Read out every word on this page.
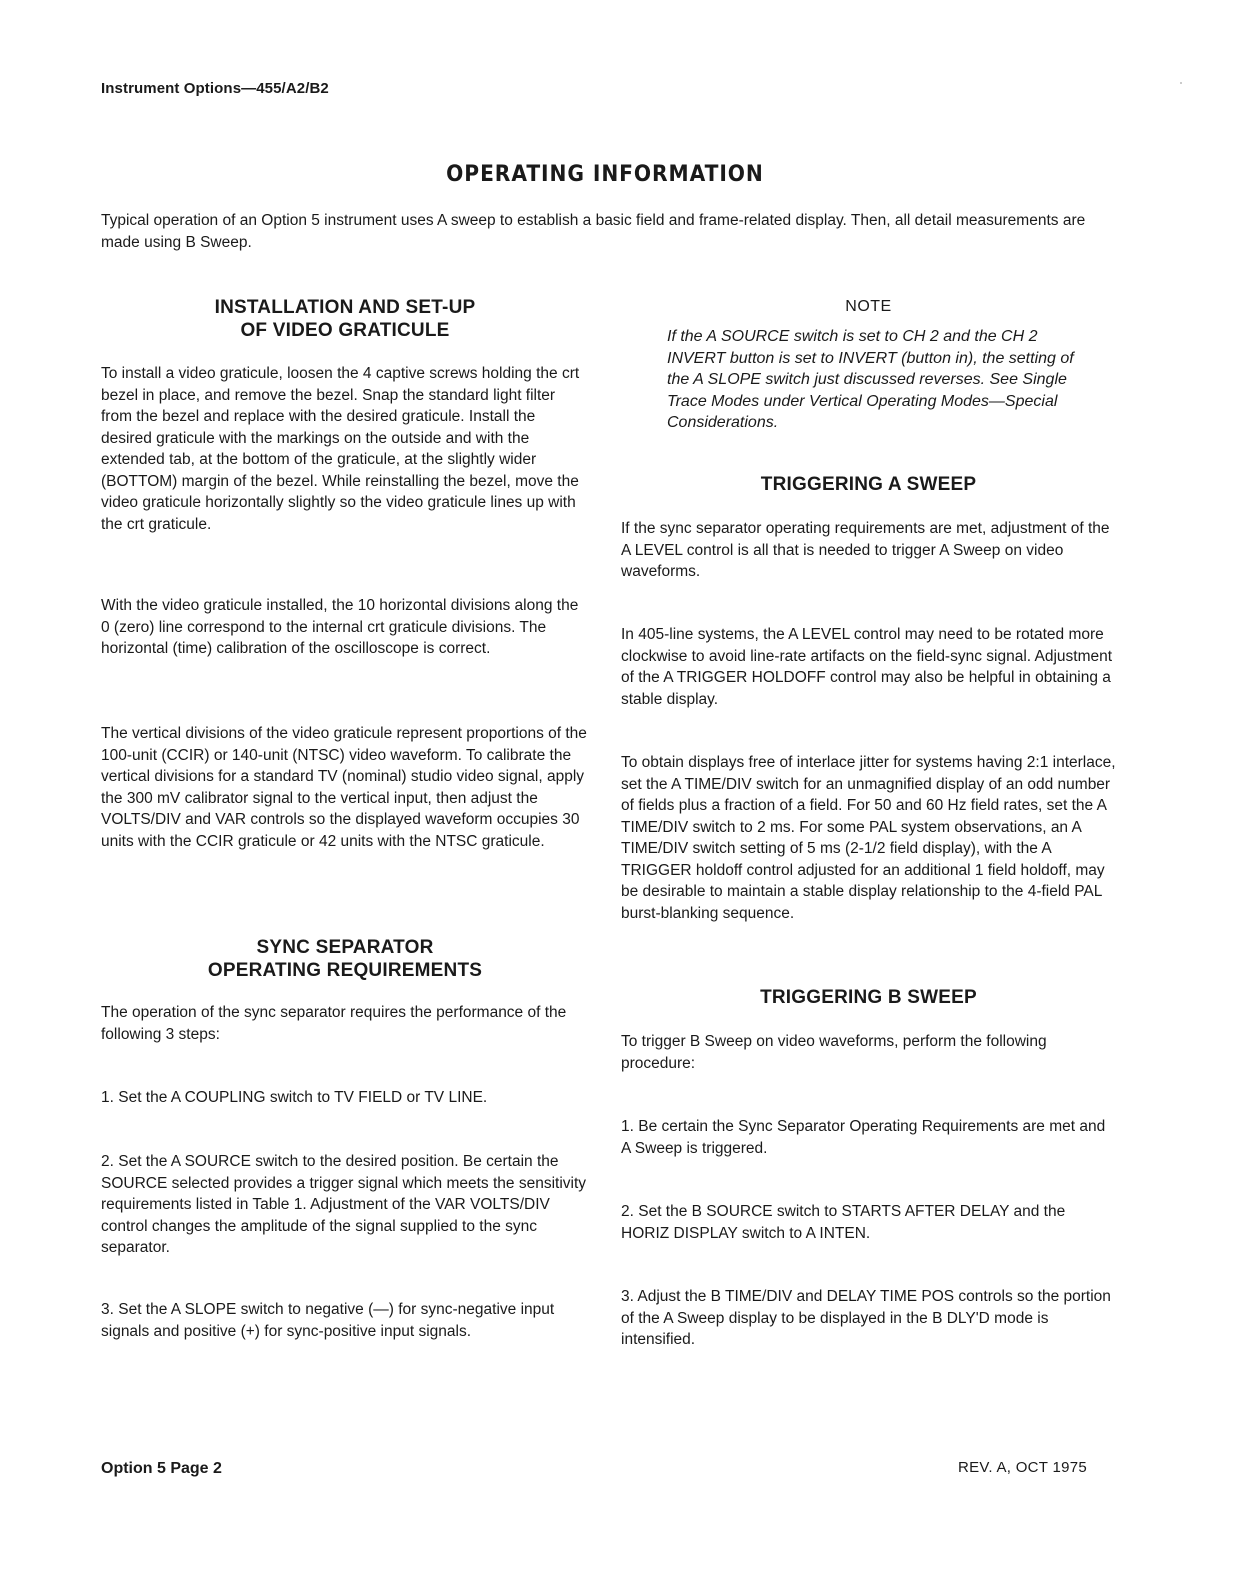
Instrument Options—455/A2/B2
OPERATING INFORMATION

Typical operation of an Option 5 instrument uses A sweep to establish a basic field and frame-related display. Then, all detail measurements are made using B Sweep.

INSTALLATION AND SET-UP
OF VIDEO GRATICULE

To install a video graticule, loosen the 4 captive screws holding the crt bezel in place, and remove the bezel. Snap the standard light filter from the bezel and replace with the desired graticule. Install the desired graticule with the markings on the outside and with the extended tab, at the bottom of the graticule, at the slightly wider (BOTTOM) margin of the bezel. While reinstalling the bezel, move the video graticule horizontally slightly so the video graticule lines up with the crt graticule.

With the video graticule installed, the 10 horizontal divisions along the 0 (zero) line correspond to the internal crt graticule divisions. The horizontal (time) calibration of the oscilloscope is correct.

The vertical divisions of the video graticule represent proportions of the 100-unit (CCIR) or 140-unit (NTSC) video waveform. To calibrate the vertical divisions for a standard TV (nominal) studio video signal, apply the 300 mV calibrator signal to the vertical input, then adjust the VOLTS/DIV and VAR controls so the displayed waveform occupies 30 units with the CCIR graticule or 42 units with the NTSC graticule.

SYNC SEPARATOR
OPERATING REQUIREMENTS

The operation of the sync separator requires the performance of the following 3 steps:

1. Set the A COUPLING switch to TV FIELD or TV LINE.

2. Set the A SOURCE switch to the desired position. Be certain the SOURCE selected provides a trigger signal which meets the sensitivity requirements listed in Table 1. Adjustment of the VAR VOLTS/DIV control changes the amplitude of the signal supplied to the sync separator.

3. Set the A SLOPE switch to negative (—) for sync-negative input signals and positive (+) for sync-positive input signals.

NOTE

If the A SOURCE switch is set to CH 2 and the CH 2 INVERT button is set to INVERT (button in), the setting of the A SLOPE switch just discussed reverses. See Single Trace Modes under Vertical Operating Modes—Special Considerations.

TRIGGERING A SWEEP

If the sync separator operating requirements are met, adjustment of the A LEVEL control is all that is needed to trigger A Sweep on video waveforms.

In 405-line systems, the A LEVEL control may need to be rotated more clockwise to avoid line-rate artifacts on the field-sync signal. Adjustment of the A TRIGGER HOLDOFF control may also be helpful in obtaining a stable display.

To obtain displays free of interlace jitter for systems having 2:1 interlace, set the A TIME/DIV switch for an unmagnified display of an odd number of fields plus a fraction of a field. For 50 and 60 Hz field rates, set the A TIME/DIV switch to 2 ms. For some PAL system observations, an A TIME/DIV switch setting of 5 ms (2-1/2 field display), with the A TRIGGER holdoff control adjusted for an additional 1 field holdoff, may be desirable to maintain a stable display relationship to the 4-field PAL burst-blanking sequence.

TRIGGERING B SWEEP

To trigger B Sweep on video waveforms, perform the following procedure:

1. Be certain the Sync Separator Operating Requirements are met and A Sweep is triggered.

2. Set the B SOURCE switch to STARTS AFTER DELAY and the HORIZ DISPLAY switch to A INTEN.

3. Adjust the B TIME/DIV and DELAY TIME POS controls so the portion of the A Sweep display to be displayed in the B DLY'D mode is intensified.

Option 5 Page 2	REV. A, OCT 1975
